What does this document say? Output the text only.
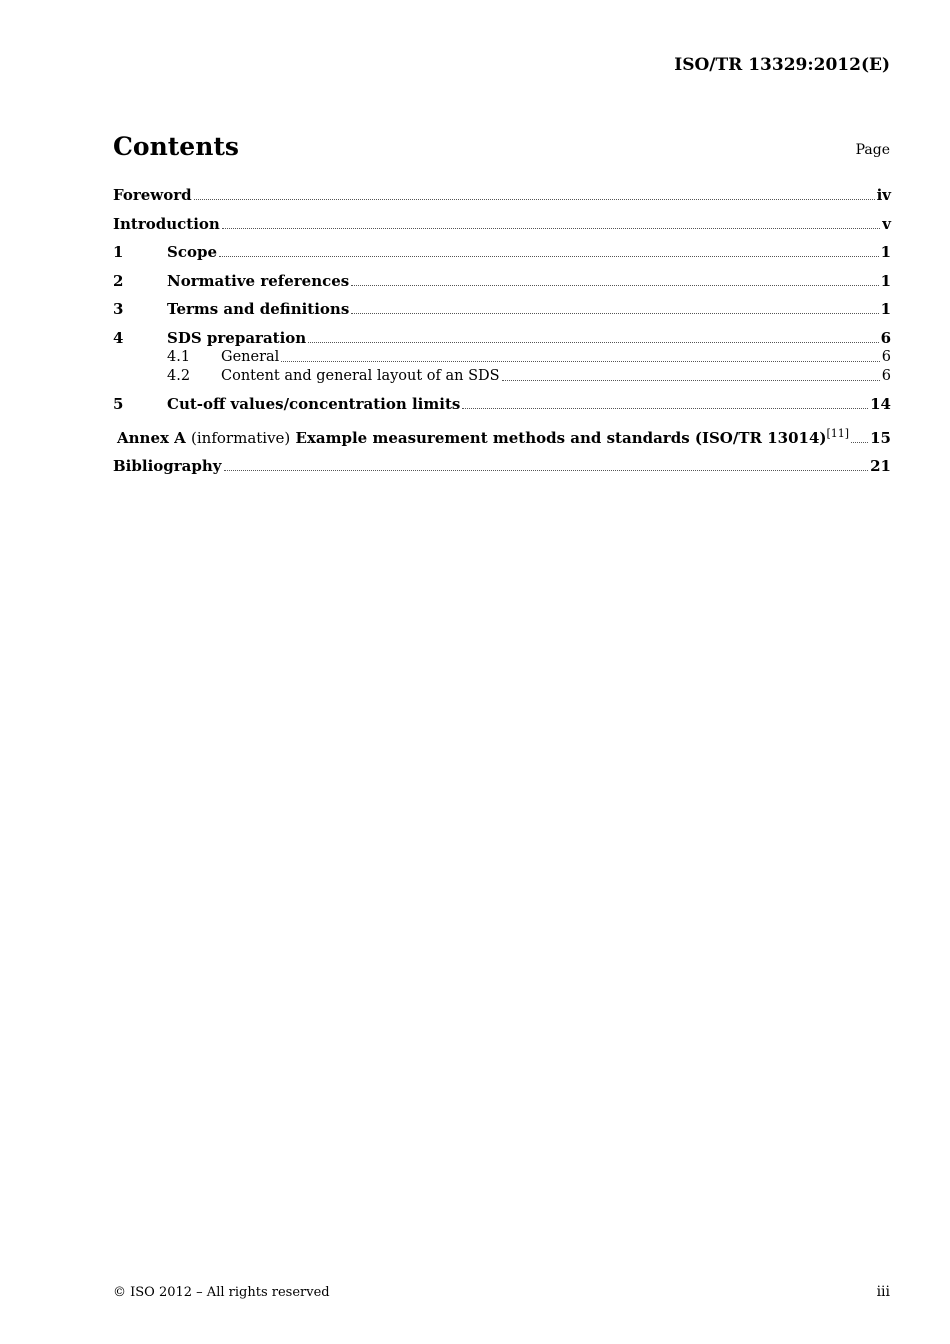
ISO/TR 13329:2012(E)
Contents	Page
Foreword	iv
Introduction	v
1	Scope	1
2	Normative references	1
3	Terms and definitions	1
4	SDS preparation	6
4.1	General	6
4.2	Content and general layout of an SDS	6
5	Cut-off values/concentration limits	14
Annex A (informative) Example measurement methods and standards (ISO/TR 13014)[11] 15
Bibliography	21
© ISO 2012 – All rights reserved	iii
